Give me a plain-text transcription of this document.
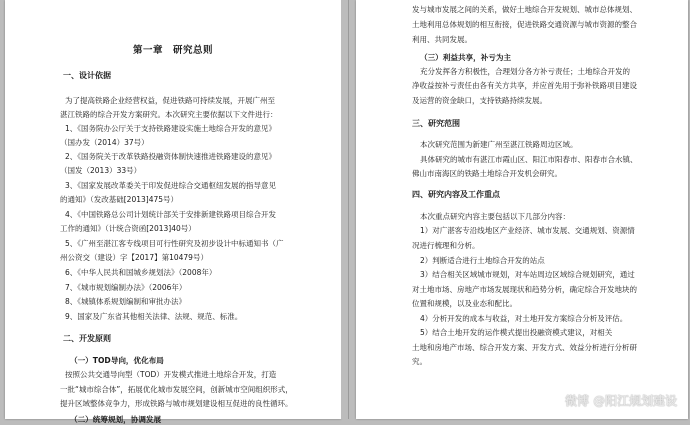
第一章　研究总则
一、设计依据
为了提高铁路企业经营权益，促进铁路可持续发展，开展广州至
湛江铁路的综合开发方案研究。本次研究主要依据以下文件进行：
1、《国务院办公厅关于支持铁路建设实施土地综合开发的意见》
（国办发（2014）37号）
2、《国务院关于改革铁路投融资体制快速推进铁路建设的意见》
（国发（2013）33号）
3、《国家发展改革委关于印发促进综合交通枢纽发展的指导意见
的通知》（发改基础[2013]475号）
4、《中国铁路总公司计划统计部关于安排新建铁路项目综合开发
工作的通知》（计统合资函[2013]40号）
5、《广州至湛江客专线项目可行性研究及初步设计中标通知书（广
州公资交（建设）字【2017】第10479号）
6、《中华人民共和国城乡规划法》（2008年）
7、《城市规划编制办法》（2006年）
8、《城镇体系规划编制和审批办法》
9、国家及广东省其他相关法律、法规、规范、标准。
二、开发原则
（一）TOD导向，优化布局
按照公共交通导向型（TOD）开发模式推进土地综合开发，打造
一批“城市综合体”，拓展优化城市发展空间，创新城市空间组织形式，
提升区域整体竞争力，形成铁路与城市规划建设相互促进的良性循环。
（二）统筹规划，协调发展
发与城市发展之间的关系，做好土地综合开发规划、城市总体规划、
土地利用总体规划的相互衔接，促进铁路交通资源与城市资源的整合
利用、共同发展。
（三）利益共享，补亏为主
充分发挥各方积极性，合理划分各方补亏责任；土地综合开发的
净收益按补亏责任由各有关方共享，并应首先用于弥补铁路项目建设
及运营的资金缺口，支持铁路持续发展。
三、研究范围
本次研究范围为新建广州至湛江铁路周边区域。
具体研究的城市有湛江市霞山区、阳江市阳春市、阳春市合水镇、
佛山市南海区的铁路土地综合开发机会研究。
四、研究内容及工作重点
本次重点研究内容主要包括以下几部分内容：
1）对广湛客专沿线地区产业经济、城市发展、交通规划、资源情
况进行梳理和分析。
2）判断适合进行土地综合开发的站点
3）结合相关区域城市规划，对车站周边区域综合规划研究，通过
对土地市场、房地产市场发展现状和趋势分析，确定综合开发地块的
位置和规模，以及业态和配比。
4）分析开发的成本与收益，对土地开发方案综合分析及评估。
5）结合土地开发的运作模式提出投融资模式建议，对相关
土地和房地产市场、综合开发方案、开发方式、效益分析进行分析研
究。
微博 @阳江规划建设
